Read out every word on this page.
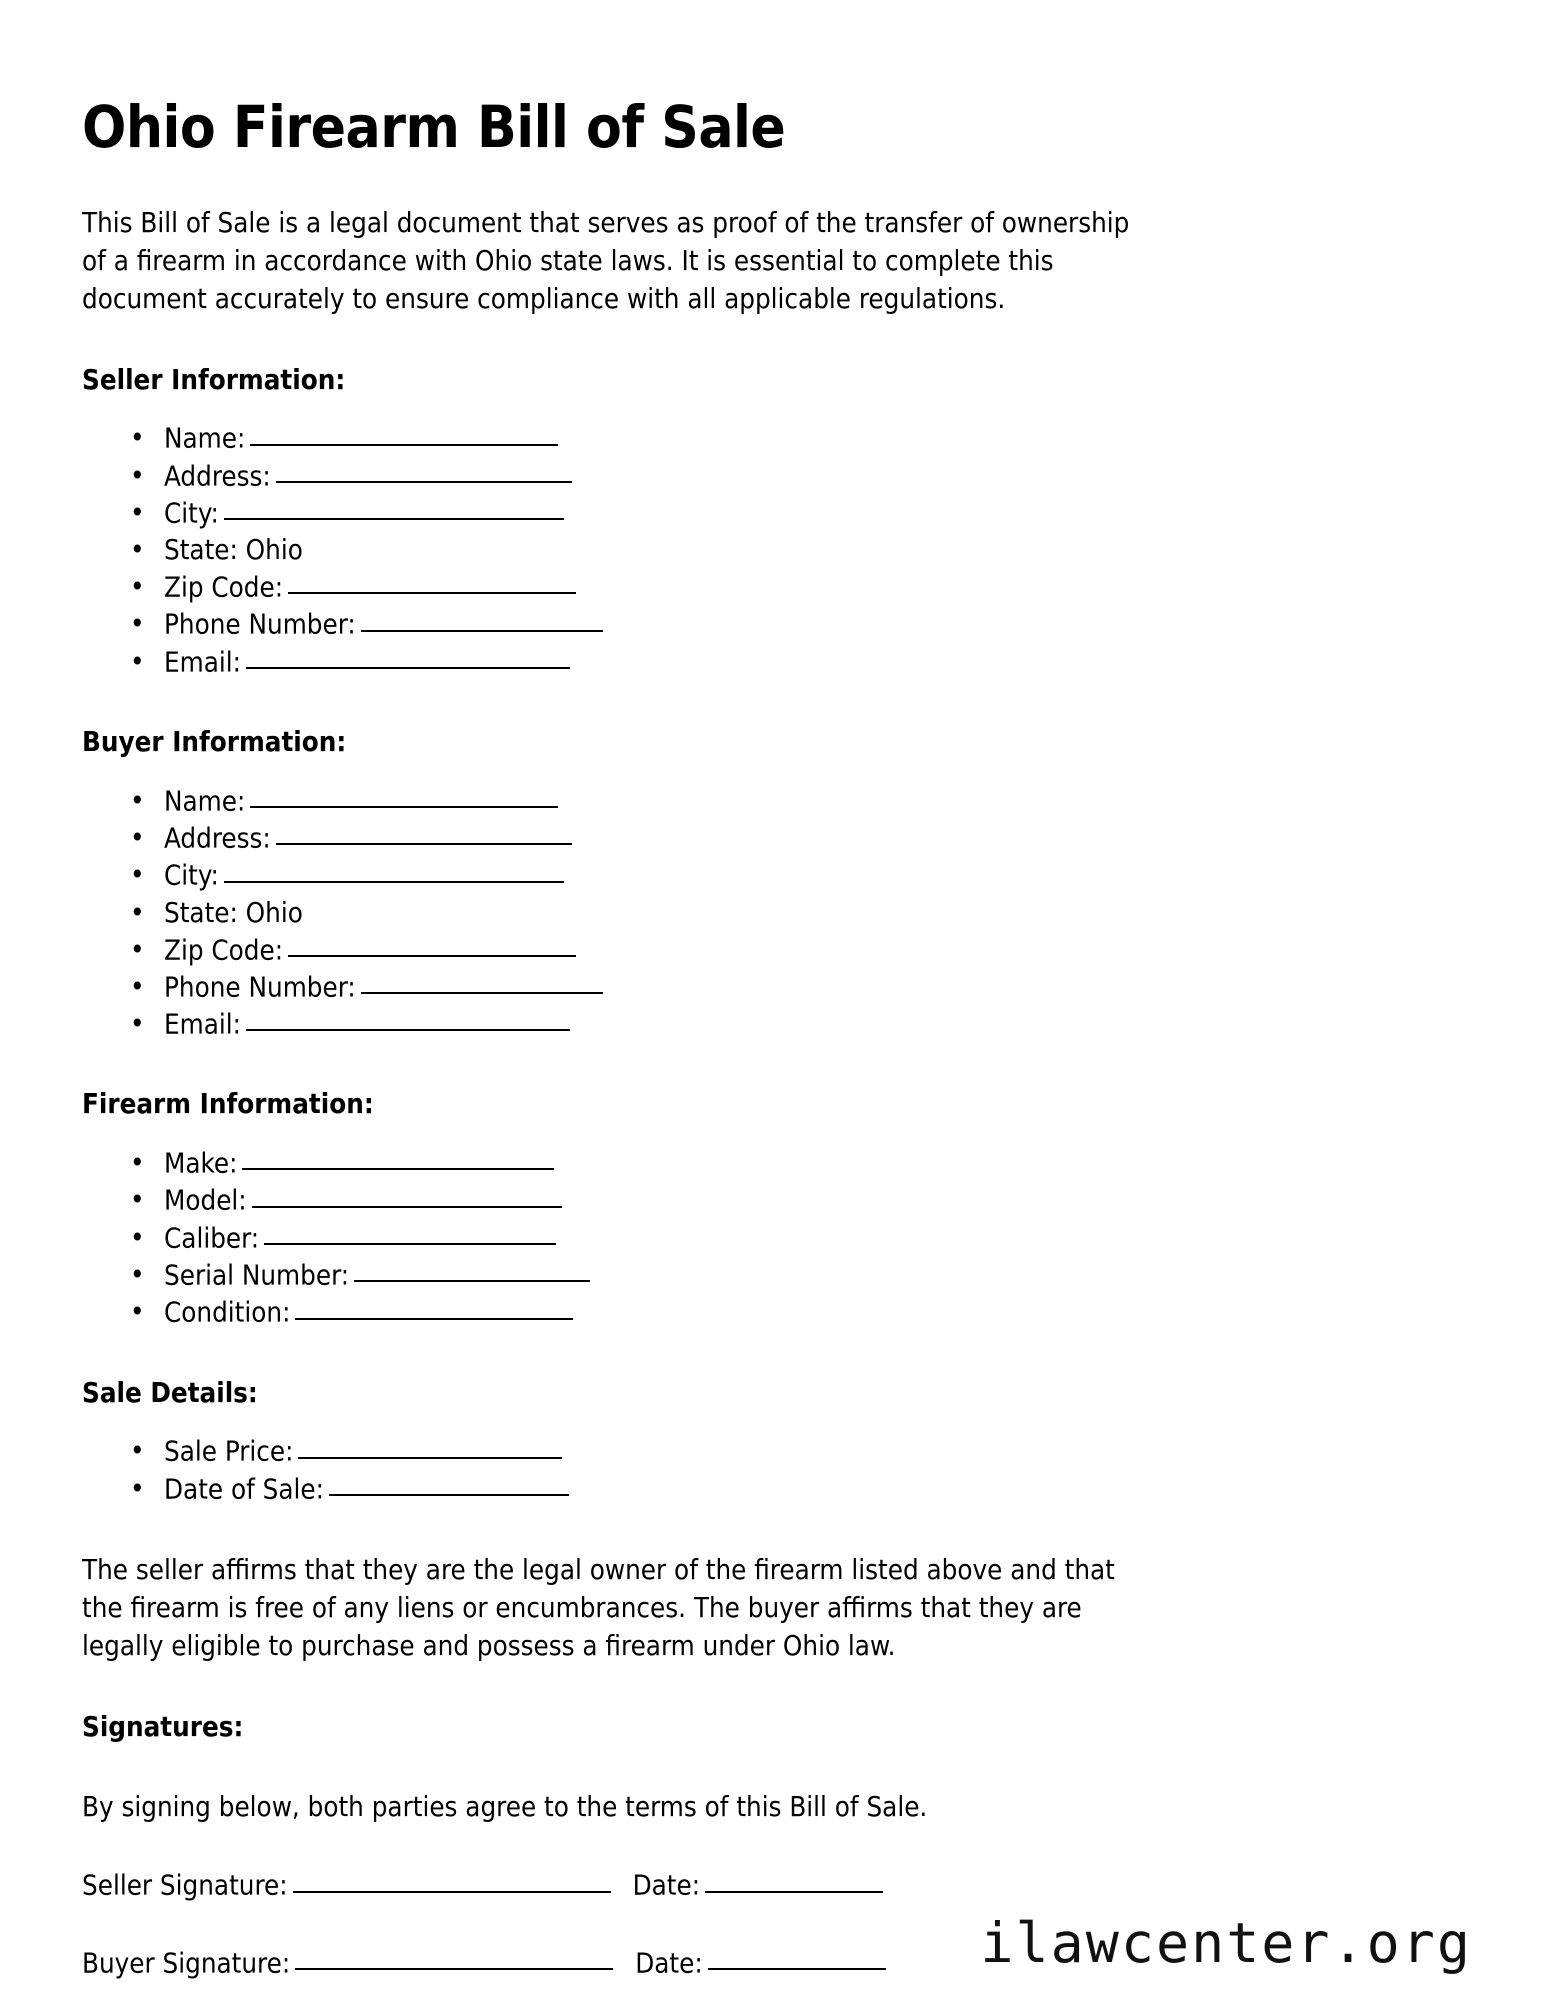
Ohio Firearm Bill of Sale

This Bill of Sale is a legal document that serves as proof of the transfer of ownership of a firearm in accordance with Ohio state laws. It is essential to complete this document accurately to ensure compliance with all applicable regulations.

Seller Information:
• Name:
• Address:
• City:
• State: Ohio
• Zip Code:
• Phone Number:
• Email:
Buyer Information:
• Name:
• Address:
• City:
• State: Ohio
• Zip Code:
• Phone Number:
• Email:
Firearm Information:
• Make:
• Model:
• Caliber:
• Serial Number:
• Condition:
Sale Details:
• Sale Price:
• Date of Sale:

The seller affirms that they are the legal owner of the firearm listed above and that the firearm is free of any liens or encumbrances. The buyer affirms that they are legally eligible to purchase and possess a firearm under Ohio law.

Signatures:

By signing below, both parties agree to the terms of this Bill of Sale.

Seller Signature:	Date:
Buyer Signature:	Date:	ilawcenter.org
